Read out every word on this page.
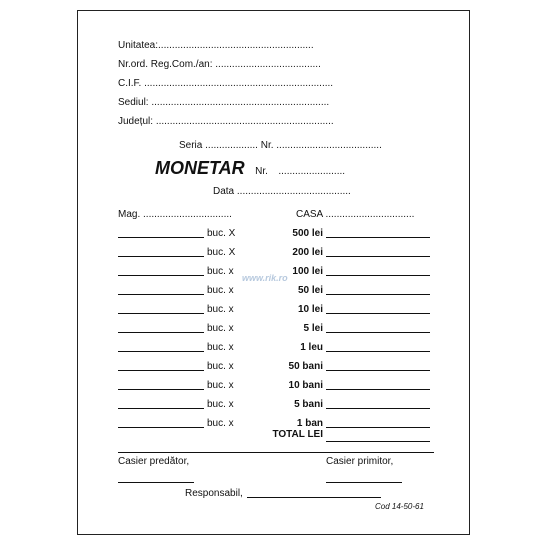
Unitatea:........................................................
Nr.ord. Reg.Com./an: ......................................
C.I.F. ....................................................................
Sediul: ................................................................
Județul: ................................................................
Seria ................... Nr. ......................................
MONETAR Nr. ........................
Data .........................................
Mag. ................................	CASA ................................
buc. X	500 lei
buc. X	200 lei
buc. x	100 lei
buc. x	50 lei
buc. x	10 lei
buc. x	5 lei
buc. x	1 leu
buc. x	50 bani
buc. x	10 bani
buc. x	5 bani
buc. x	1 ban
www.rik.ro
TOTAL LEI
Casier predător,	Casier primitor,
Responsabil,
Cod 14-50-61
